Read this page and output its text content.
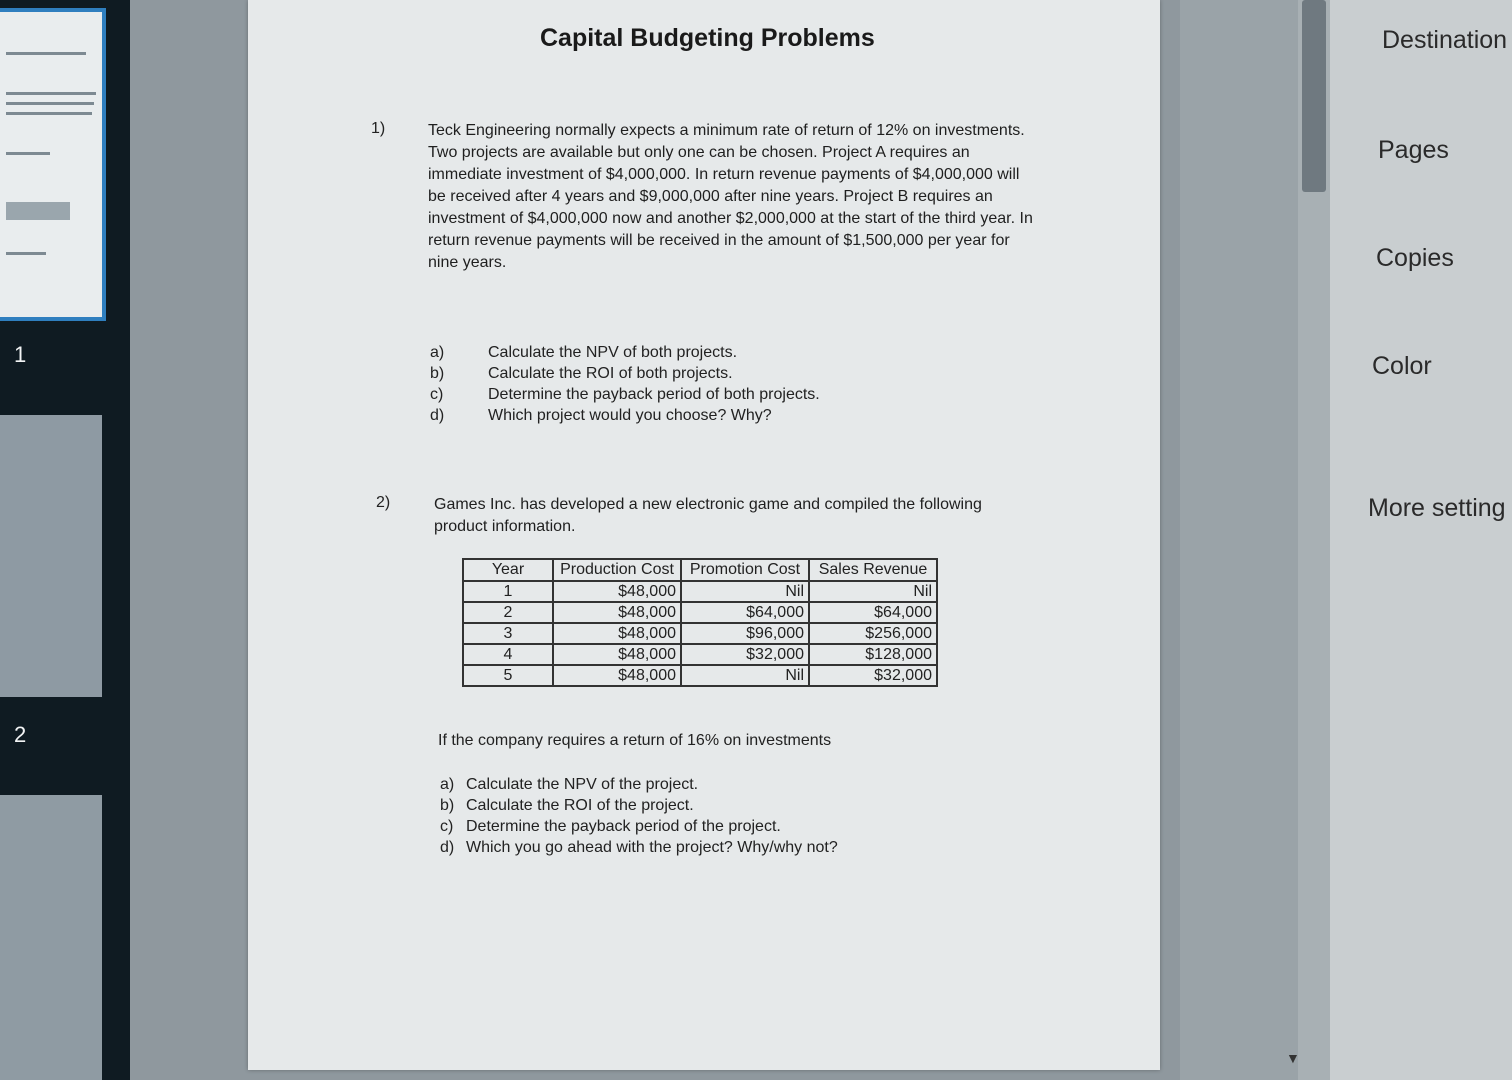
1
2
Capital Budgeting Problems
1)	Teck Engineering normally expects a minimum rate of return of 12% on investments. Two projects are available but only one can be chosen. Project A requires an immediate investment of $4,000,000. In return revenue payments of $4,000,000 will be received after 4 years and $9,000,000 after nine years. Project B requires an investment of $4,000,000 now and another $2,000,000 at the start of the third year. In return revenue payments will be received in the amount of $1,500,000 per year for nine years.

a)	Calculate the NPV of both projects.
b)	Calculate the ROI of both projects.
c)	Determine the payback period of both projects.
d)	Which project would you choose? Why?
2)	Games Inc. has developed a new electronic game and compiled the following product information.

Year	Production Cost	Promotion Cost	Sales Revenue
1	$48,000	Nil	Nil
2	$48,000	$64,000	$64,000
3	$48,000	$96,000	$256,000
4	$48,000	$32,000	$128,000
5	$48,000	Nil	$32,000
If the company requires a return of 16% on investments
a) Calculate the NPV of the project.
b) Calculate the ROI of the project.
c) Determine the payback period of the project.
d) Which you go ahead with the project? Why/why not?
▼
Destination
Pages
Copies
Color
More setting
